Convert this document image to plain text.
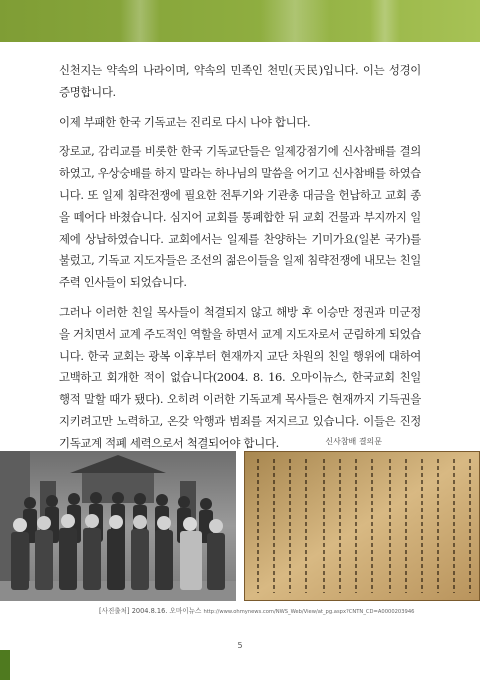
신천지는 약속의 나라이며, 약속의 민족인 천민(天民)입니다. 이는 성경이 증명합니다.

이제 부패한 한국 기독교는 진리로 다시 나야 합니다.

장로교, 감리교를 비롯한 한국 기독교단들은 일제강점기에 신사참배를 결의하였고, 우상숭배를 하지 말라는 하나님의 말씀을 어기고 신사참배를 하였습니다. 또 일제 침략전쟁에 필요한 전투기와 기관총 대금을 헌납하고 교회 종을 떼어다 바쳤습니다. 심지어 교회를 통폐합한 뒤 교회 건물과 부지까지 일제에 상납하였습니다. 교회에서는 일제를 찬양하는 기미가요(일본 국가)를 불렀고, 기독교 지도자들은 조선의 젊은이들을 일제 침략전쟁에 내모는 친일 주력 인사들이 되었습니다.

그러나 이러한 친일 목사들이 척결되지 않고 해방 후 이승만 정권과 미군정을 거치면서 교계 주도적인 역할을 하면서 교계 지도자로서 군림하게 되었습니다. 한국 교회는 광복 이후부터 현재까지 교단 차원의 친일 행위에 대하여 고백하고 회개한 적이 없습니다(2004. 8. 16. 오마이뉴스, 한국교회 친일 행적 말할 때가 됐다). 오히려 이러한 기독교계 목사들은 현재까지 기득권을 지키려고만 노력하고, 온갖 악행과 범죄를 저지르고 있습니다. 이들은 진정 기독교계 적폐 세력으로서 척결되어야 합니다.	신사참배 결의문
[사진출처] 2004.8.16. 오마이뉴스 http://www.ohmynews.com/NWS_Web/View/at_pg.aspx?CNTN_CD=A0000203946
5
